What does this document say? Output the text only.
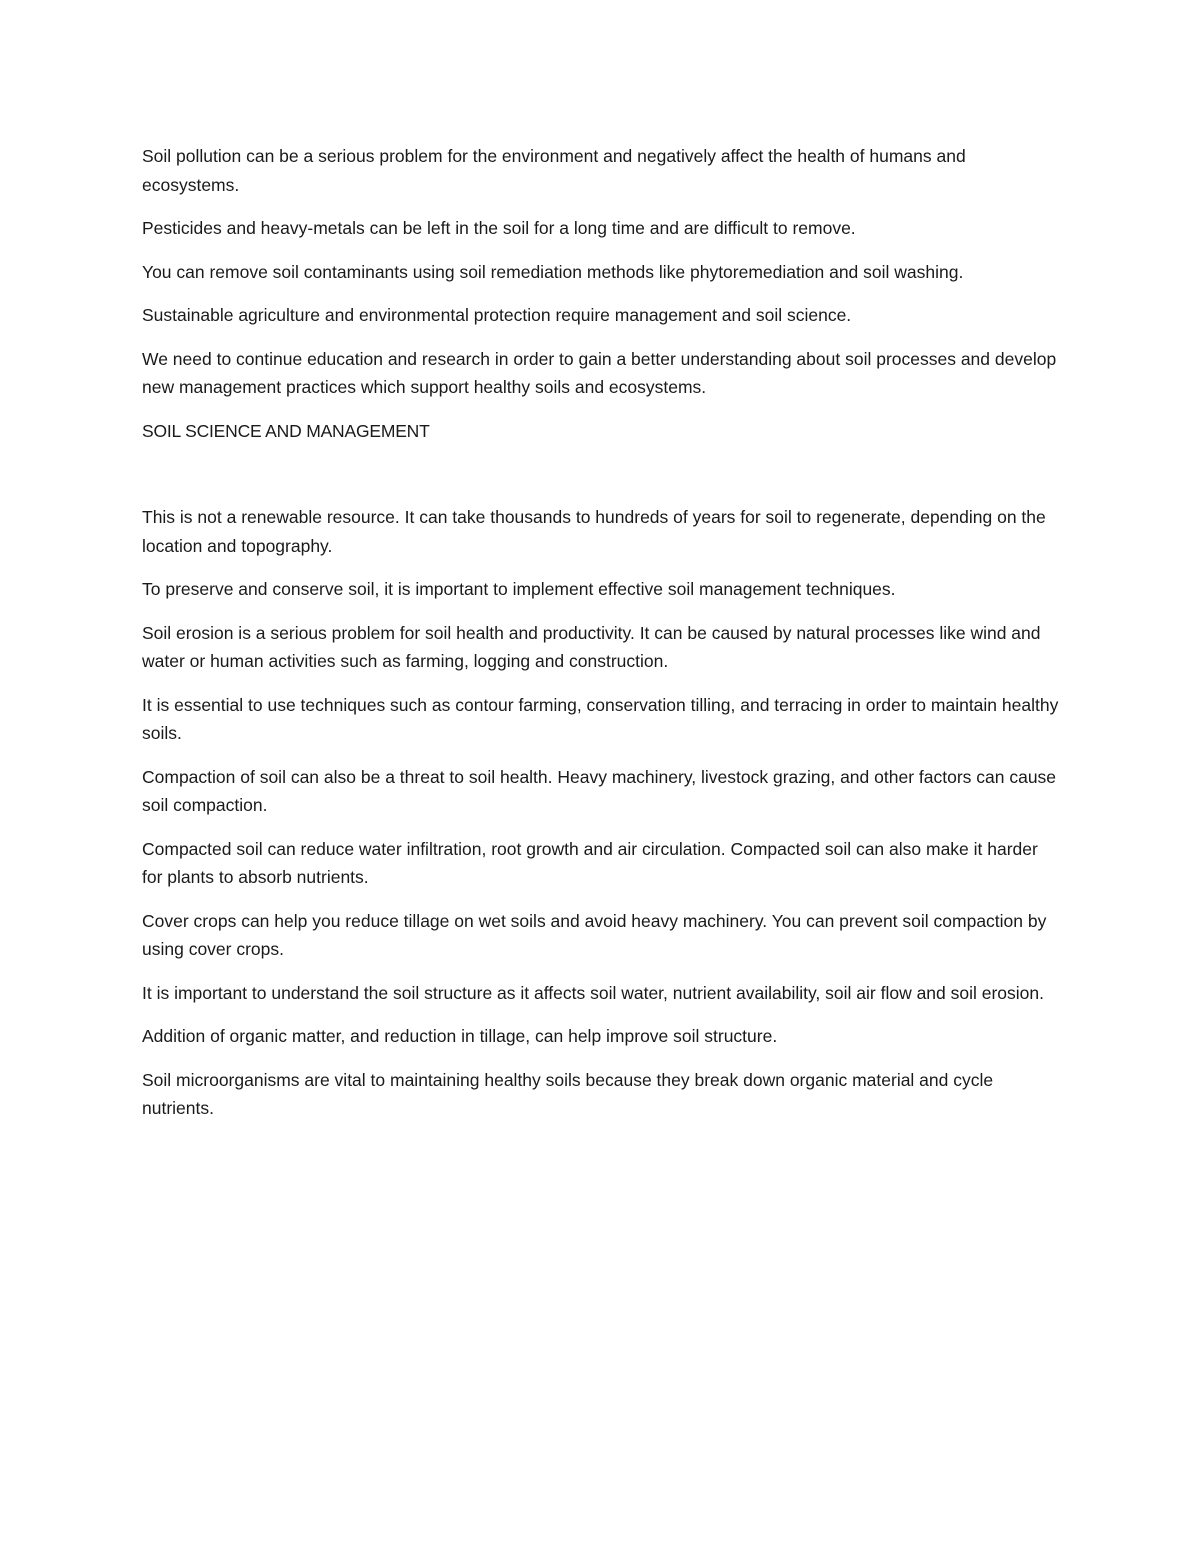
Soil pollution can be a serious problem for the environment and negatively affect the health of humans and ecosystems.

Pesticides and heavy-metals can be left in the soil for a long time and are difficult to remove.

You can remove soil contaminants using soil remediation methods like phytoremediation and soil washing.

Sustainable agriculture and environmental protection require management and soil science.

We need to continue education and research in order to gain a better understanding about soil processes and develop new management practices which support healthy soils and ecosystems.

SOIL SCIENCE AND MANAGEMENT

This is not a renewable resource. It can take thousands to hundreds of years for soil to regenerate, depending on the location and topography.

To preserve and conserve soil, it is important to implement effective soil management techniques.

Soil erosion is a serious problem for soil health and productivity. It can be caused by natural processes like wind and water or human activities such as farming, logging and construction.

It is essential to use techniques such as contour farming, conservation tilling, and terracing in order to maintain healthy soils.

Compaction of soil can also be a threat to soil health. Heavy machinery, livestock grazing, and other factors can cause soil compaction.

Compacted soil can reduce water infiltration, root growth and air circulation. Compacted soil can also make it harder for plants to absorb nutrients.

Cover crops can help you reduce tillage on wet soils and avoid heavy machinery. You can prevent soil compaction by using cover crops.

It is important to understand the soil structure as it affects soil water, nutrient availability, soil air flow and soil erosion.

Addition of organic matter, and reduction in tillage, can help improve soil structure.

Soil microorganisms are vital to maintaining healthy soils because they break down organic material and cycle nutrients.
